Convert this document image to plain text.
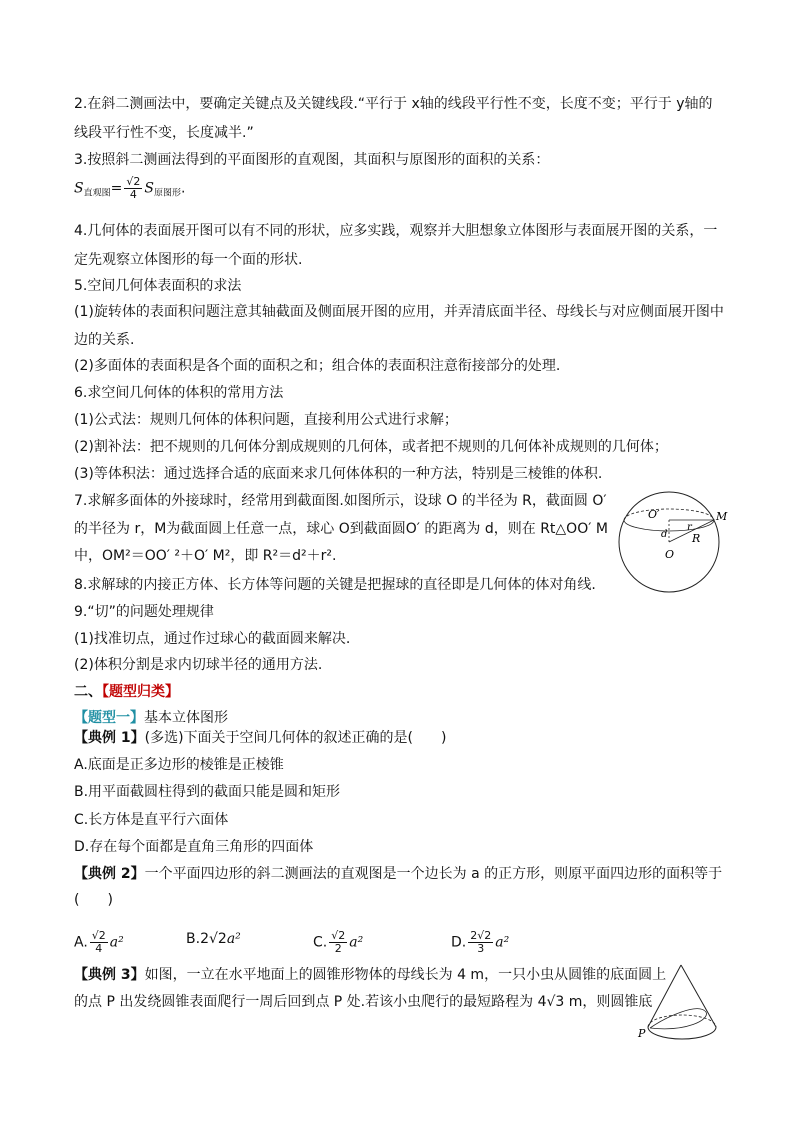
2.在斜二测画法中，要确定关键点及关键线段.“平行于 x轴的线段平行性不变，长度不变；平行于 y轴的
线段平行性不变，长度减半.”
3.按照斜二测画法得到的平面图形的直观图，其面积与原图形的面积的关系：
$S_{直观图}= \frac{√2}{4} S_{原图形}$.
4.几何体的表面展开图可以有不同的形状，应多实践，观察并大胆想象立体图形与表面展开图的关系，一
定先观察立体图形的每一个面的形状.
5.空间几何体表面积的求法
(1)旋转体的表面积问题注意其轴截面及侧面展开图的应用，并弄清底面半径、母线长与对应侧面展开图中
边的关系.
(2)多面体的表面积是各个面的面积之和；组合体的表面积注意衔接部分的处理.
6.求空间几何体的体积的常用方法
(1)公式法：规则几何体的体积问题，直接利用公式进行求解；
(2)割补法：把不规则的几何体分割成规则的几何体，或者把不规则的几何体补成规则的几何体；
(3)等体积法：通过选择合适的底面来求几何体体积的一种方法，特别是三棱锥的体积.
7.求解多面体的外接球时，经常用到截面图.如图所示，设球 O 的半径为 R，截面圆 O′
的半径为 r，M为截面圆上任意一点，球心 O到截面圆O′ 的距离为 d，则在 Rt△OO′ M
中，OM²＝OO′ ²＋O′ M²，即 R²＝d²＋r².
8.求解球的内接正方体、长方体等问题的关键是把握球的直径即是几何体的体对角线.
9.“切”的问题处理规律
(1)找准切点，通过作过球心的截面圆来解决.
(2)体积分割是求内切球半径的通用方法.
O′	M
r
d R
O
二、【题型归类】
【题型一】基本立体图形
【典例 1】(多选)下面关于空间几何体的叙述正确的是(　　)
A.底面是正多边形的棱锥是正棱锥
B.用平面截圆柱得到的截面只能是圆和矩形
C.长方体是直平行六面体
D.存在每个面都是直角三角形的四面体
【典例 2】一个平面四边形的斜二测画法的直观图是一个边长为 a 的正方形，则原平面四边形的面积等于
(　　)
A. $\frac{√2}{4} a^2$	B.2√2a²	C. $\frac{√2}{2} a^2$	D. $\frac{2√2}{3} a^2$
【典例 3】如图，一立在水平地面上的圆锥形物体的母线长为 4 m，一只小虫从圆锥的底面圆上
的点 P 出发绕圆锥表面爬行一周后回到点 P 处.若该小虫爬行的最短路程为 4√3 m，则圆锥底
P
